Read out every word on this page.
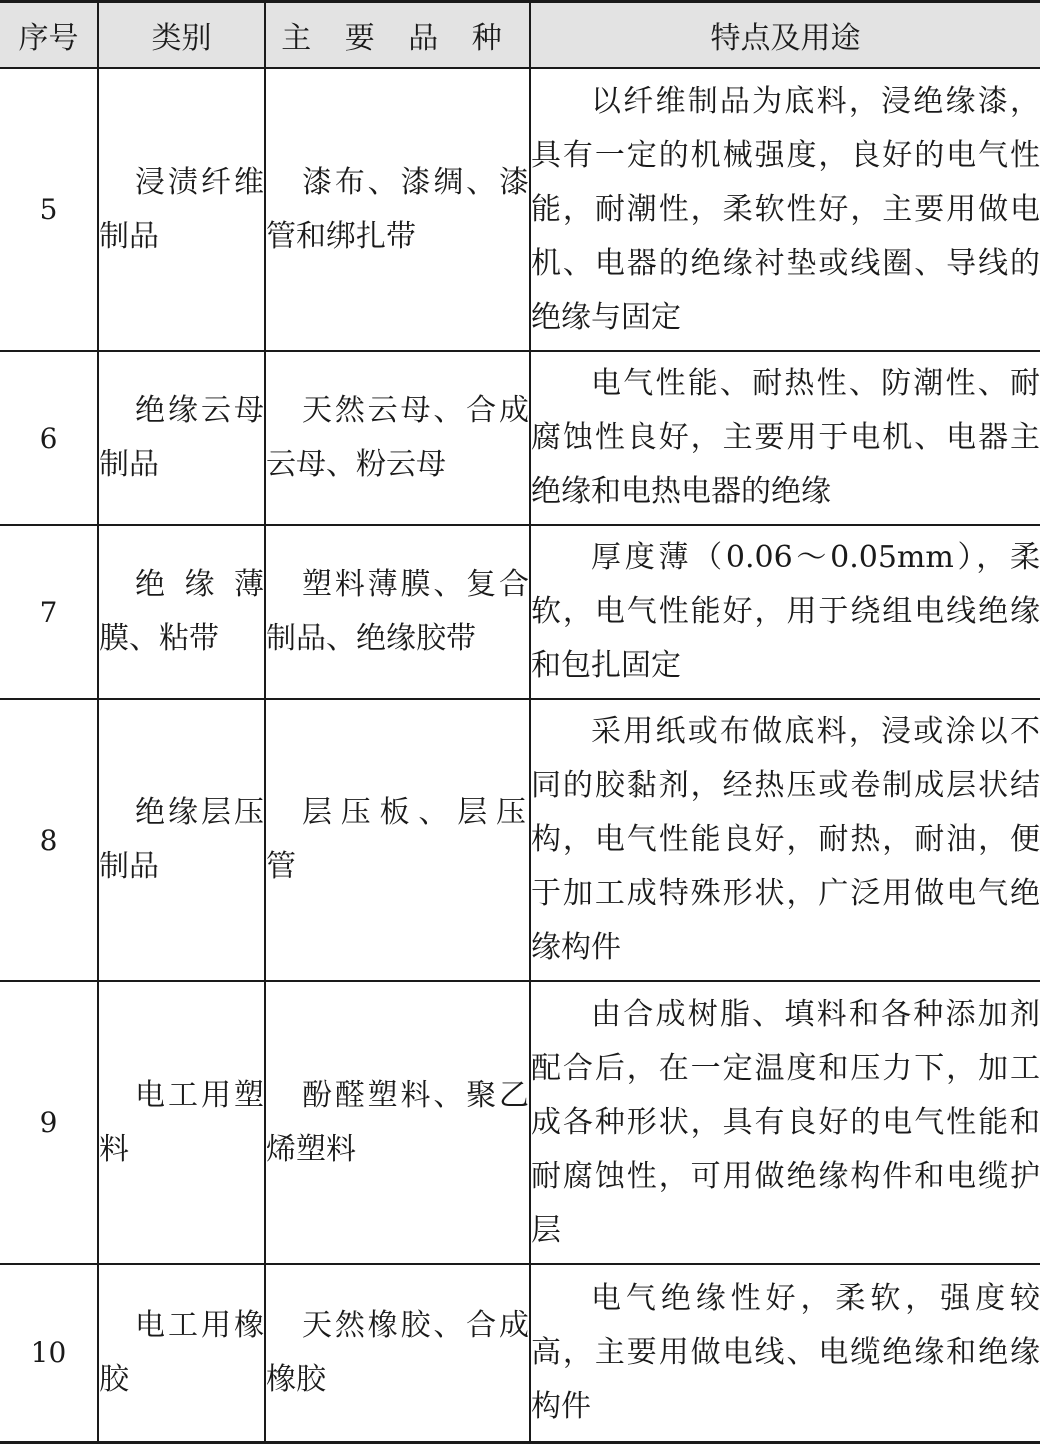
序号	类别	主 要 品 种	特点及用途
5	浸渍纤维制品	漆布、漆绸、漆管和绑扎带	以纤维制品为底料，浸绝缘漆，具有一定的机械强度，良好的电气性能，耐潮性，柔软性好，主要用做电机、电器的绝缘衬垫或线圈、导线的绝缘与固定

6	绝缘云母制品	天然云母、合成云母、粉云母	电气性能、耐热性、防潮性、耐腐蚀性良好，主要用于电机、电器主绝缘和电热电器的绝缘

7	绝缘薄膜、粘带	塑料薄膜、复合制品、绝缘胶带	厚度薄（0.06～0.05mm），柔软，电气性能好，用于绕组电线绝缘和包扎固定

8	绝缘层压制品	层压板、层压管	采用纸或布做底料，浸或涂以不同的胶黏剂，经热压或卷制成层状结构，电气性能良好，耐热，耐油，便于加工成特殊形状，广泛用做电气绝缘构件

9	电工用塑料	酚醛塑料、聚乙烯塑料	由合成树脂、填料和各种添加剂配合后，在一定温度和压力下，加工成各种形状，具有良好的电气性能和耐腐蚀性，可用做绝缘构件和电缆护层

10	电工用橡胶	天然橡胶、合成橡胶	电气绝缘性好，柔软，强度较高，主要用做电线、电缆绝缘和绝缘构件
